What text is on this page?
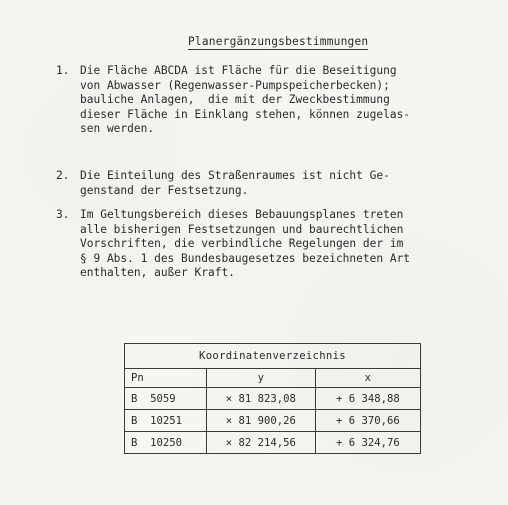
Planergänzungsbestimmungen
1. Die Fläche ABCDA ist Fläche für die Beseitigung
von Abwasser (Regenwasser-Pumpspeicherbecken);
bauliche Anlagen,  die mit der Zweckbestimmung
dieser Fläche in Einklang stehen, können zugelas-
sen werden.
2. Die Einteilung des Straßenraumes ist nicht Ge-
genstand der Festsetzung.
3. Im Geltungsbereich dieses Bebauungsplanes treten
alle bisherigen Festsetzungen und baurechtlichen
Vorschriften, die verbindliche Regelungen der im
§ 9 Abs. 1 des Bundesbaugesetzes bezeichneten Art
enthalten, außer Kraft.
Koordinatenverzeichnis		
Pn	y	x
B  5059	× 81 823,08	+ 6 348,88
B  10251	× 81 900,26	+ 6 370,66
B  10250	× 82 214,56	+ 6 324,76
